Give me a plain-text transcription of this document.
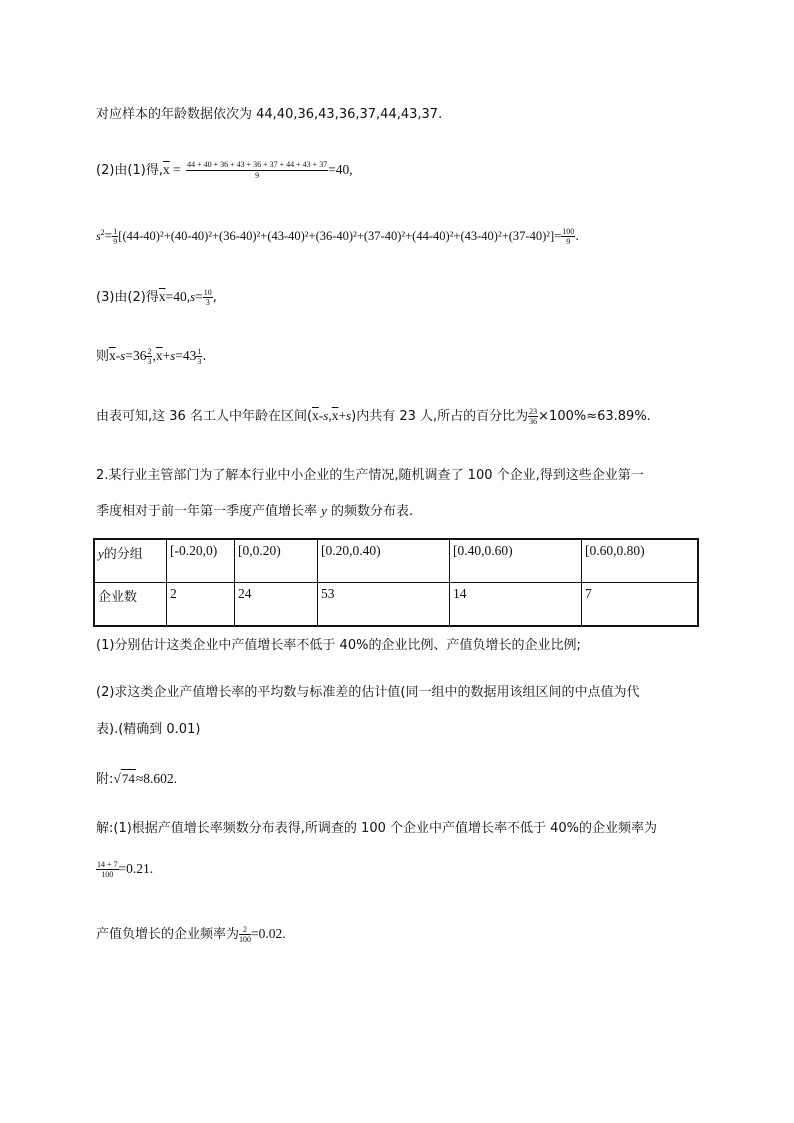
对应样本的年龄数据依次为 44,40,36,43,36,37,44,43,37.
(2)由(1)得$,\overline{x} = \frac{44 + 40 + 36 + 43 + 36 + 37 + 44 + 43 + 37}{9} =40$,
$s^2= \frac{1}{9} [(44-40)^2+(40-40)^2+(36-40)^2+(43-40)^2+(36-40)^2+(37-40)^2+(44-40)^2+(43-40)^2+(37-40)^2]= \frac{100}{9}$ .
(3)由(2)得$\overline{x}=40,s= \frac{10}{3}$ ,
则$\overline{x}-s=36 \frac{2}{3} ,\overline{x}+s=43 \frac{1}{3}$ .
由表可知,这 36 名工人中年龄在区间$(\overline{x}-s,\overline{x}+s)$内共有 23 人,所占的百分比为 $\frac{23}{36} \times 100\%\approx 63.89\%$.
2.某行业主管部门为了解本行业中小企业的生产情况,随机调查了 100 个企业,得到这些企业第一
季度相对于前一年第一季度产值增长率 y 的频数分布表.
y的分组	[-0.20,0)	[0,0.20)	[0.20,0.40)	[0.40,0.60)	[0.60,0.80)
企业数	2	24	53	14	7
(1)分别估计这类企业中产值增长率不低于 40%的企业比例、产值负增长的企业比例;
(2)求这类企业产值增长率的平均数与标准差的估计值(同一组中的数据用该组区间的中点值为代
表).(精确到 0.01)
附:√74≈8.602.
解:(1)根据产值增长率频数分布表得,所调查的 100 个企业中产值增长率不低于 40%的企业频率为
$\frac{14 + 7}{100} =0.21$.
产值负增长的企业频率为 $\frac{2}{100} =0.02$.
